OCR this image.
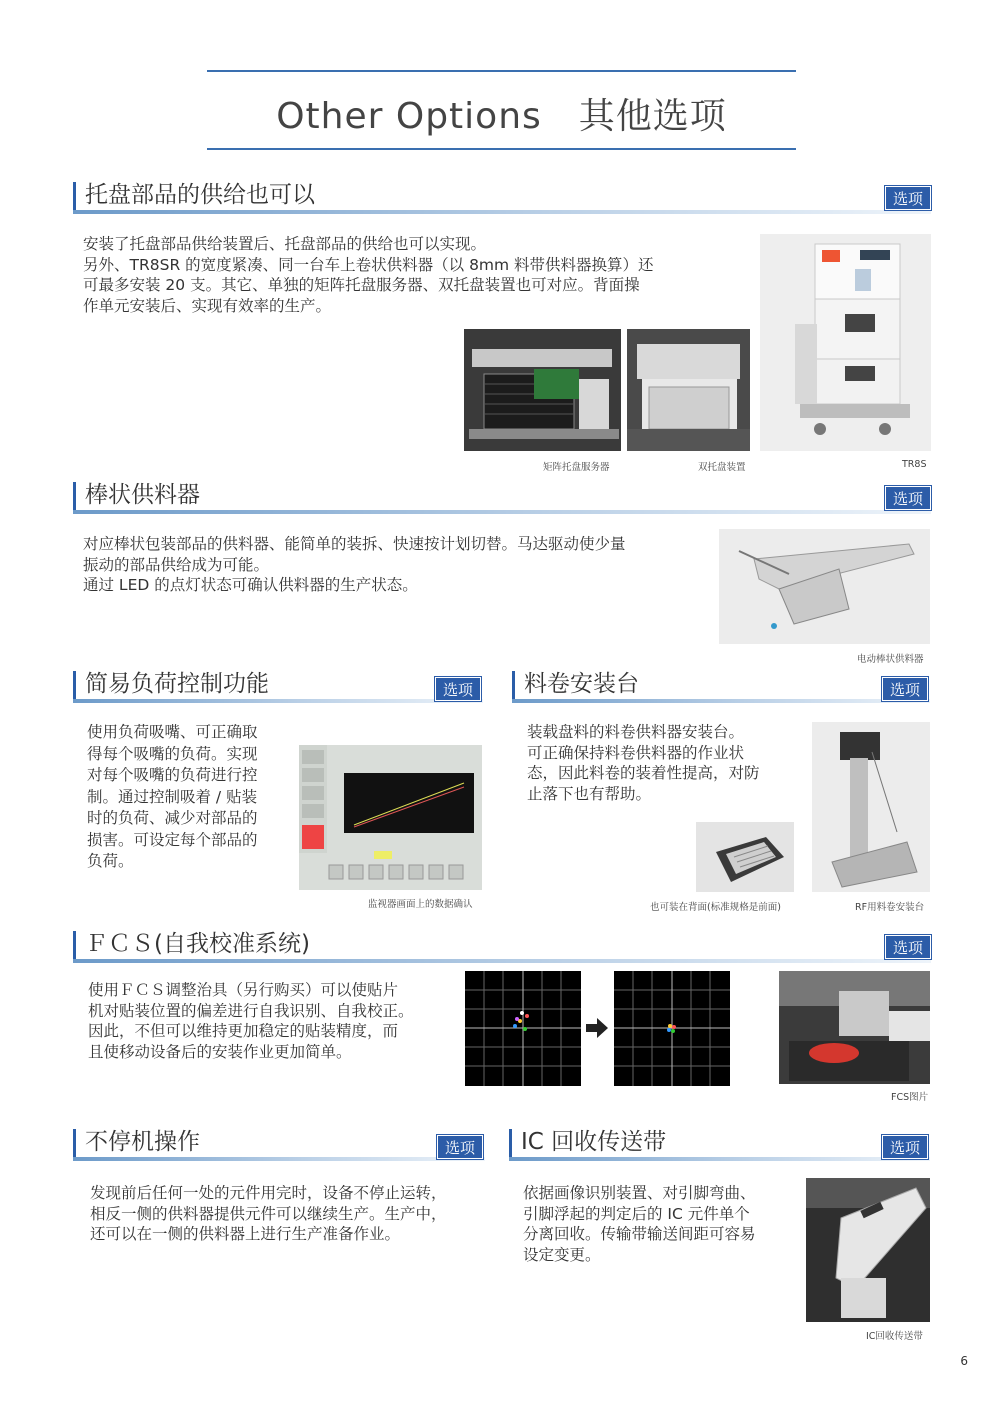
Other Options　其他选项
托盘部品的供给也可以	选项
安装了托盘部品供给装置后、托盘部品的供给也可以实现。
另外、TR8SR 的宽度紧凑、同一台车上卷状供料器（以 8mm 料带供料器换算）还
可最多安装 20 支。其它、单独的矩阵托盘服务器、双托盘装置也可对应。背面操
作单元安装后、实现有效率的生产。
矩阵托盘服务器	双托盘装置	TR8S
棒状供料器	选项
对应棒状包装部品的供料器、能简单的装拆、快速按计划切替。马达驱动使少量
振动的部品供给成为可能。
通过 LED 的点灯状态可确认供料器的生产状态。
电动棒状供料器
简易负荷控制功能	选项
使用负荷吸嘴、可正确取
得每个吸嘴的负荷。实现
对每个吸嘴的负荷进行控
制。通过控制吸着 / 贴装
时的负荷、减少对部品的
损害。可设定每个部品的
负荷。
监视器画面上的数据确认
料卷安装台	选项
装载盘料的料卷供料器安装台。
可正确保持料卷供料器的作业状
态，因此料卷的装着性提高，对防
止落下也有帮助。
也可装在背面(标准规格是前面)	RF用料卷安装台
ＦＣＳ(自我校准系统)	选项
使用ＦＣＳ调整治具（另行购买）可以使贴片
机对贴装位置的偏差进行自我识别、自我校正。
因此，不但可以维持更加稳定的贴装精度，而
且使移动设备后的安装作业更加简单。
FCS图片
不停机操作	选项
发现前后任何一处的元件用完时，设备不停止运转，
相反一侧的供料器提供元件可以继续生产。生产中，
还可以在一侧的供料器上进行生产准备作业。
IC 回收传送带	选项
依据画像识别装置、对引脚弯曲、
引脚浮起的判定后的 IC 元件单个
分离回收。传输带输送间距可容易
设定变更。
IC回收传送带
6
